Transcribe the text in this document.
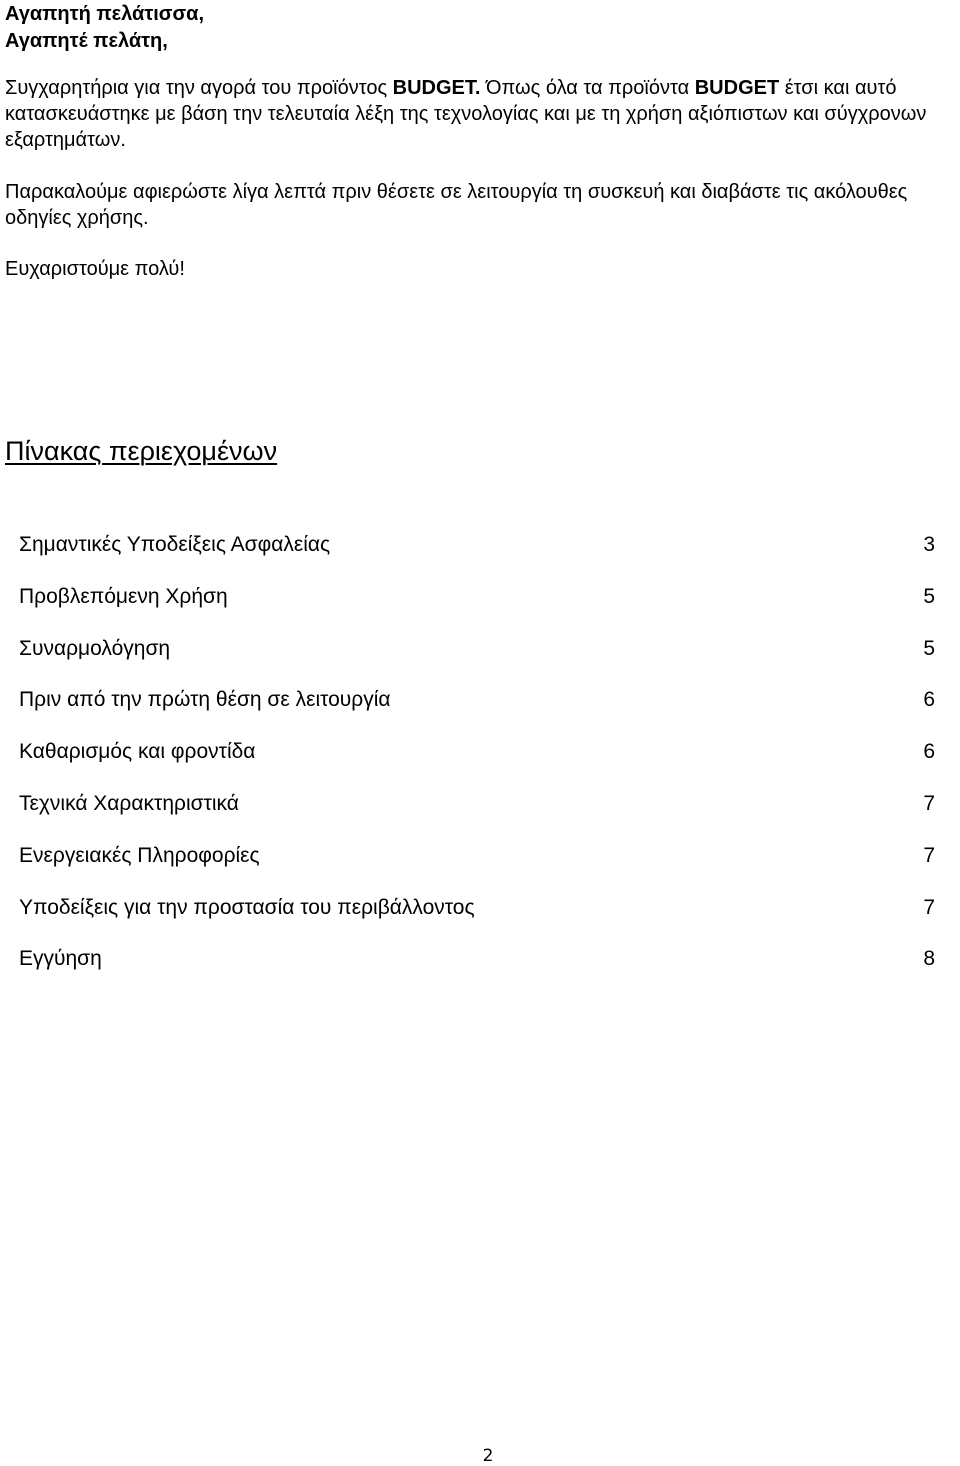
Αγαπητή πελάτισσα,
Αγαπητέ πελάτη,

Συγχαρητήρια για την αγορά του προϊόντος BUDGET. Όπως όλα τα προϊόντα BUDGET έτσι και αυτό κατασκευάστηκε με βάση την τελευταία λέξη της τεχνολογίας και με τη χρήση αξιόπιστων και σύγχρονων εξαρτημάτων.

Παρακαλούμε αφιερώστε λίγα λεπτά πριν θέσετε σε λειτουργία τη συσκευή και διαβάστε τις ακόλουθες οδηγίες χρήσης.

Ευχαριστούμε πολύ!

Πίνακας περιεχομένων
Σημαντικές Υποδείξεις Ασφαλείας	3
Προβλεπόμενη Χρήση	5
Συναρμολόγηση	5
Πριν από την πρώτη θέση σε λειτουργία	6
Καθαρισμός και φροντίδα	6
Τεχνικά Χαρακτηριστικά	7
Ενεργειακές Πληροφορίες	7
Υποδείξεις για την προστασία του περιβάλλοντος	7
Εγγύηση	8
2
